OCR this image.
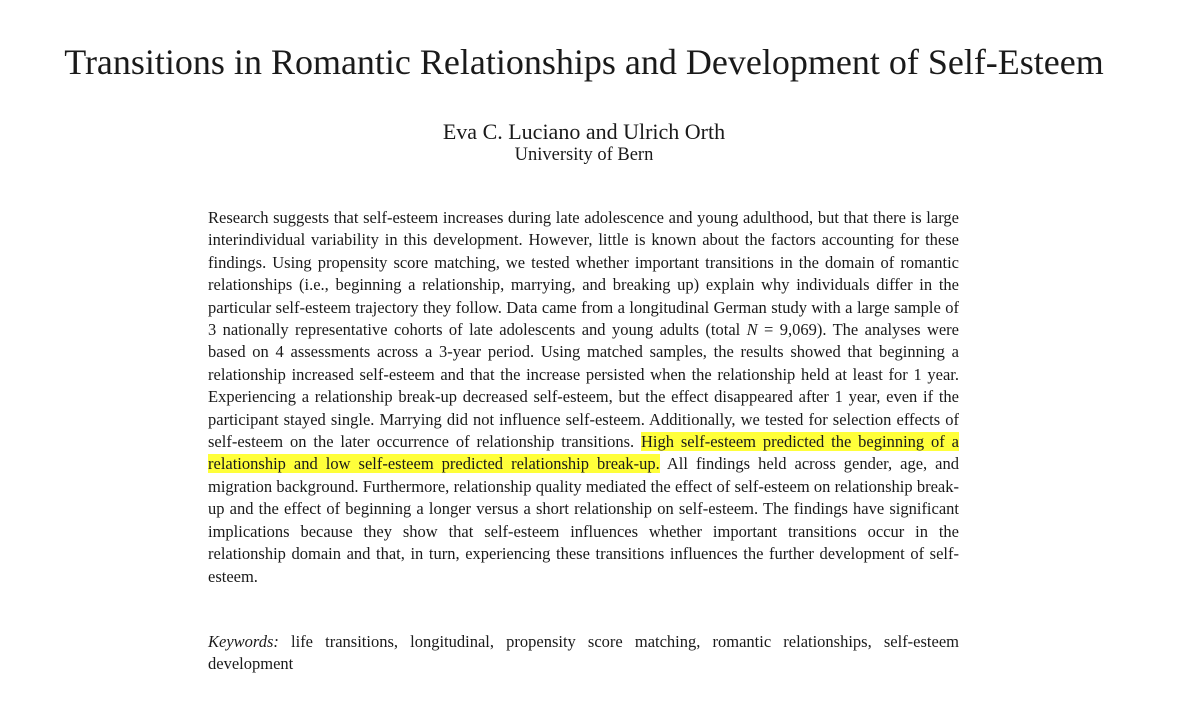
Transitions in Romantic Relationships and Development of Self-Esteem
Eva C. Luciano and Ulrich Orth
University of Bern

Research suggests that self-esteem increases during late adolescence and young adulthood, but that there is large interindividual variability in this development. However, little is known about the factors accounting for these findings. Using propensity score matching, we tested whether important transitions in the domain of romantic relationships (i.e., beginning a relationship, marrying, and breaking up) explain why individuals differ in the particular self-esteem trajectory they follow. Data came from a longitudinal German study with a large sample of 3 nationally representative cohorts of late adolescents and young adults (total N = 9,069). The analyses were based on 4 assessments across a 3-year period. Using matched samples, the results showed that beginning a relationship increased self-esteem and that the increase persisted when the relationship held at least for 1 year. Experiencing a relationship break-up decreased self-esteem, but the effect disappeared after 1 year, even if the participant stayed single. Marrying did not influence self-esteem. Additionally, we tested for selection effects of self-esteem on the later occurrence of relationship transitions. High self-esteem predicted the beginning of a relationship and low self-esteem predicted relationship break-up. All findings held across gender, age, and migration background. Furthermore, relationship quality mediated the effect of self-esteem on relationship break-up and the effect of beginning a longer versus a short relationship on self-esteem. The findings have significant implications because they show that self-esteem influences whether important transitions occur in the relationship domain and that, in turn, experiencing these transitions influences the further development of self-esteem.

Keywords: life transitions, longitudinal, propensity score matching, romantic relationships, self-esteem development
